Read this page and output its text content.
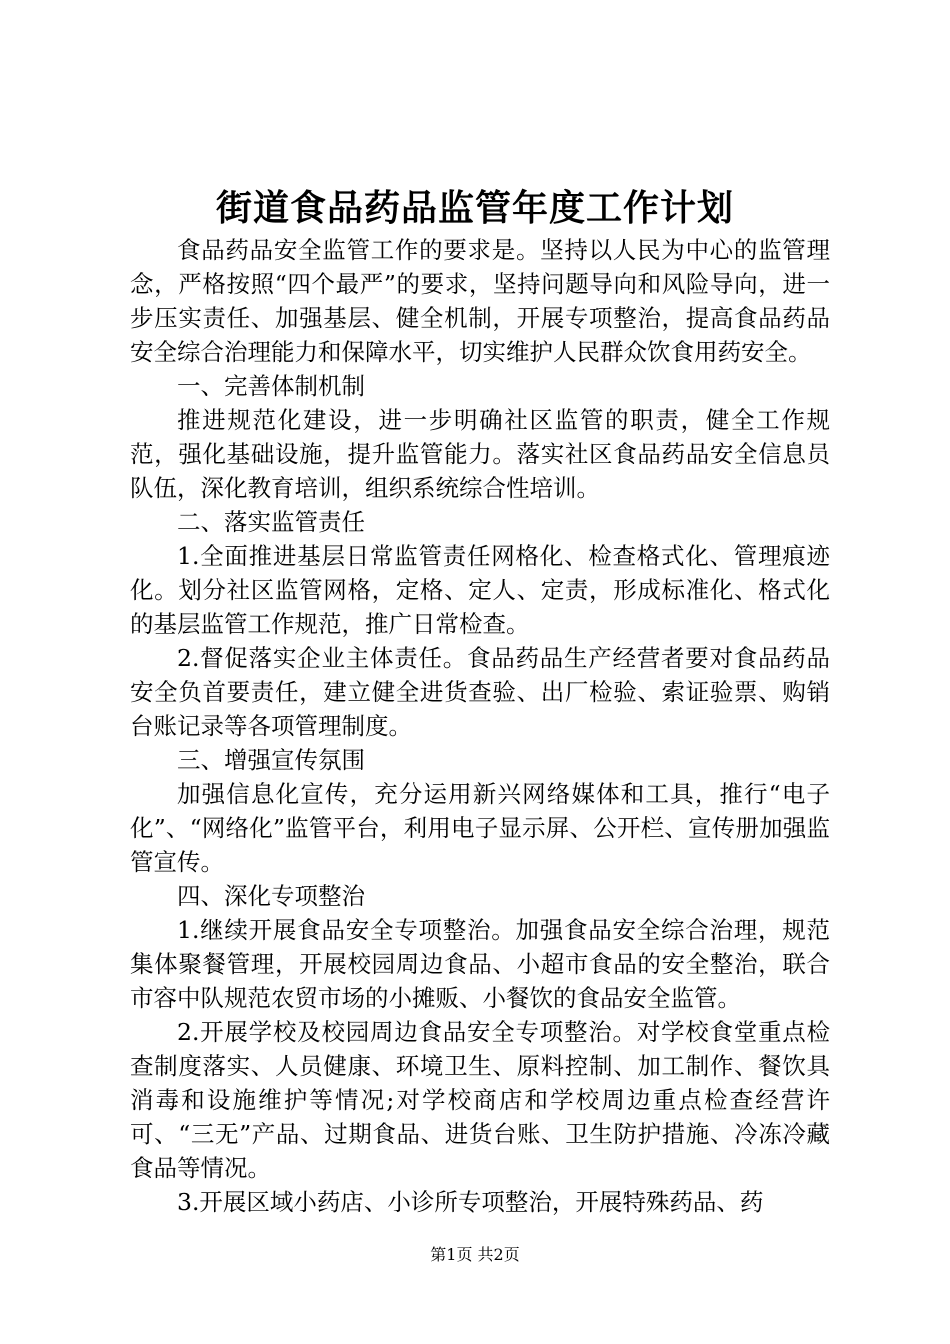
街道食品药品监管年度工作计划

食品药品安全监管工作的要求是。坚持以人民为中心的监管理念，严格按照“四个最严”的要求，坚持问题导向和风险导向，进一步压实责任、加强基层、健全机制，开展专项整治，提高食品药品安全综合治理能力和保障水平，切实维护人民群众饮食用药安全。

一、完善体制机制

推进规范化建设，进一步明确社区监管的职责，健全工作规范，强化基础设施，提升监管能力。落实社区食品药品安全信息员队伍，深化教育培训，组织系统综合性培训。

二、落实监管责任

1.全面推进基层日常监管责任网格化、检查格式化、管理痕迹化。划分社区监管网格，定格、定人、定责，形成标准化、格式化的基层监管工作规范，推广日常检查。

2.督促落实企业主体责任。食品药品生产经营者要对食品药品安全负首要责任，建立健全进货查验、出厂检验、索证验票、购销台账记录等各项管理制度。

三、增强宣传氛围

加强信息化宣传，充分运用新兴网络媒体和工具，推行“电子化”、“网络化”监管平台，利用电子显示屏、公开栏、宣传册加强监管宣传。

四、深化专项整治

1.继续开展食品安全专项整治。加强食品安全综合治理，规范集体聚餐管理，开展校园周边食品、小超市食品的安全整治，联合市容中队规范农贸市场的小摊贩、小餐饮的食品安全监管。

2.开展学校及校园周边食品安全专项整治。对学校食堂重点检查制度落实、人员健康、环境卫生、原料控制、加工制作、餐饮具消毒和设施维护等情况;对学校商店和学校周边重点检查经营许可、“三无”产品、过期食品、进货台账、卫生防护措施、冷冻冷藏食品等情况。

3.开展区域小药店、小诊所专项整治，开展特殊药品、药

第1页 共2页
